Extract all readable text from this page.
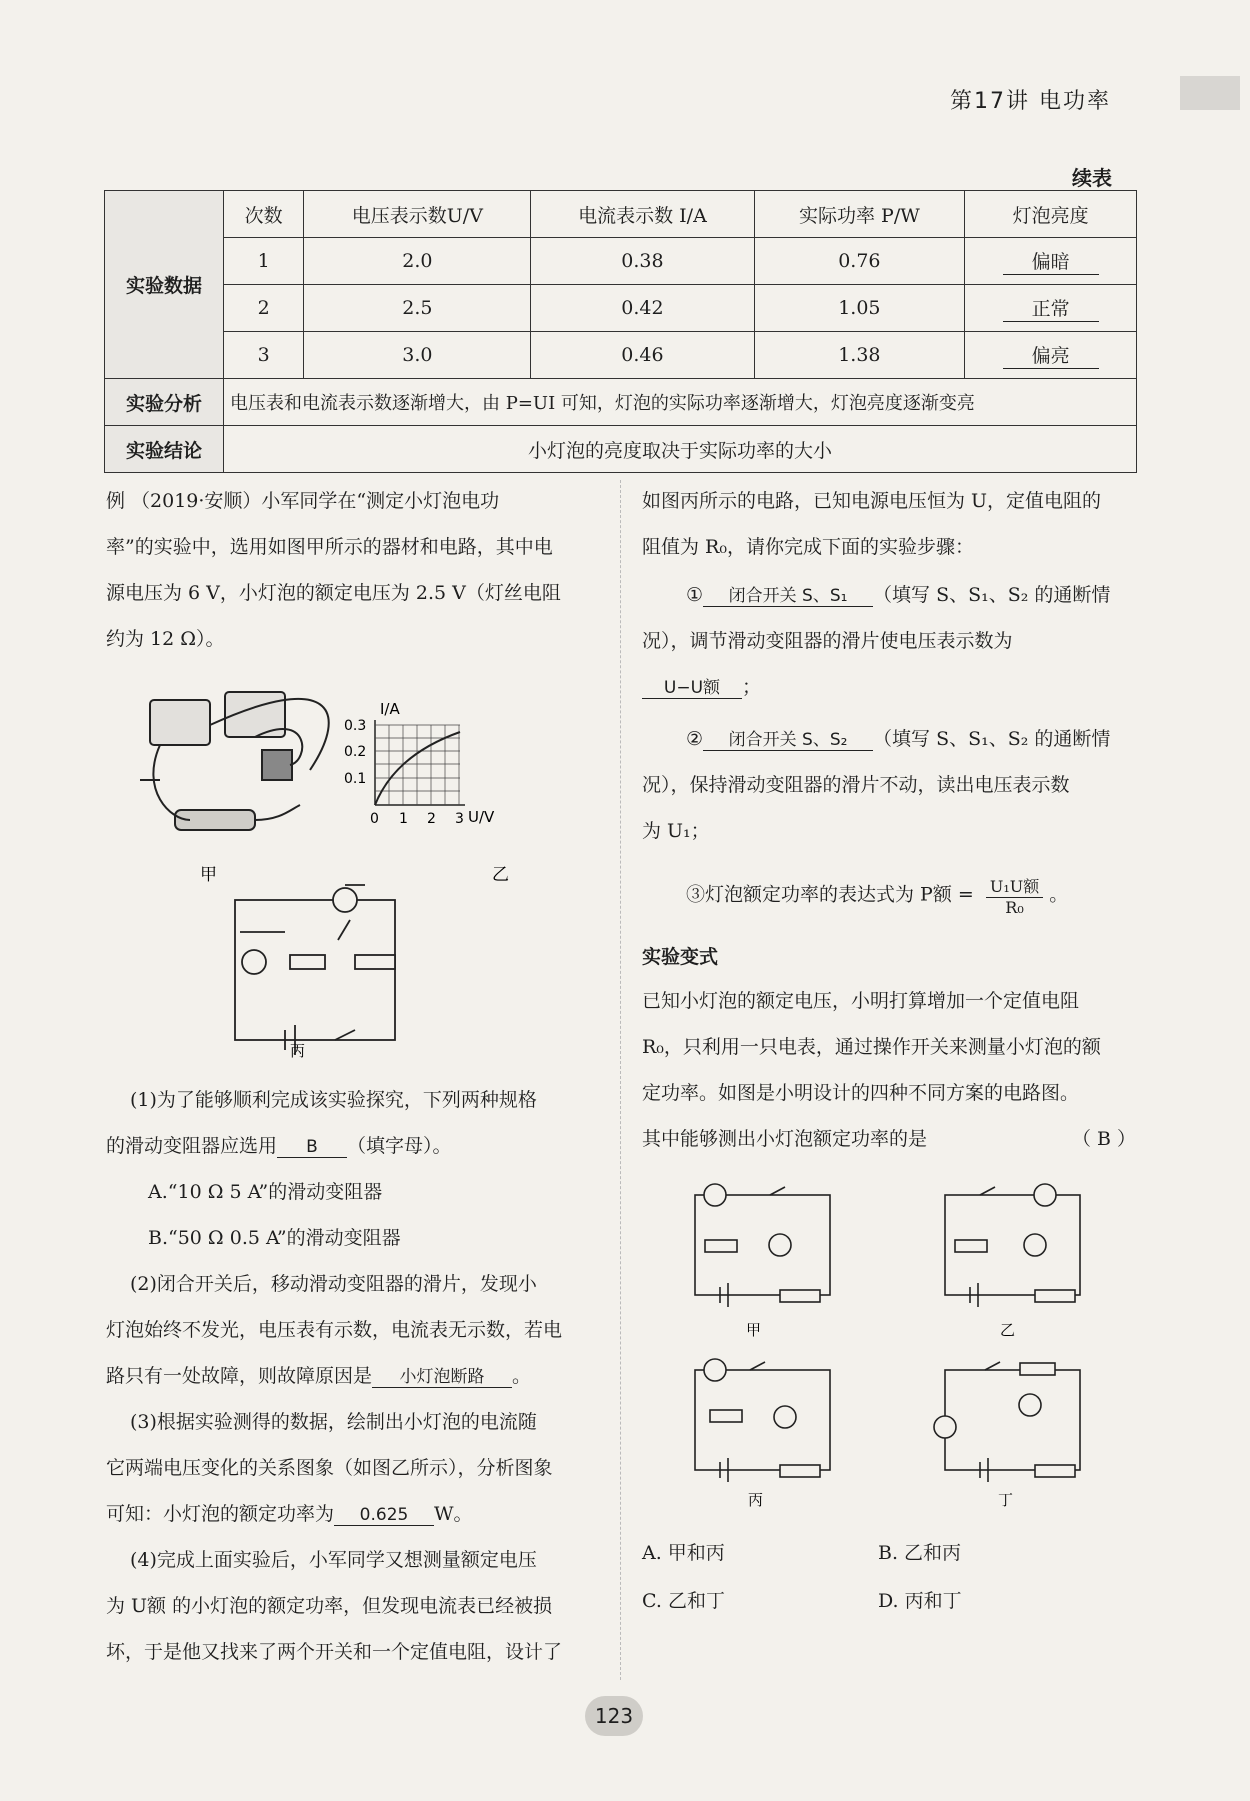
第17讲 电功率
续表
实验数据	次数	电压表示数U/V	电流表示数 I/A	实际功率 P/W	灯泡亮度
	1	2.0	0.38	0.76	偏暗
	2	2.5	0.42	1.05	正常
	3	3.0	0.46	1.38	偏亮
实验分析	电压表和电流表示数逐渐增大，由 P=UI 可知，灯泡的实际功率逐渐增大，灯泡亮度逐渐变亮				
实验结论	小灯泡的亮度取决于实际功率的大小				
例 （2019·安顺）小军同学在“测定小灯泡电功
率”的实验中，选用如图甲所示的器材和电路，其中电
源电压为 6 V，小灯泡的额定电压为 2.5 V（灯丝电阻
约为 12 Ω）。
甲
I/A
U/V
0.3
0.2
0.1
0 1 2 3
乙
丙
(1)为了能够顺利完成该实验探究，下列两种规格
的滑动变阻器应选用 B （填字母）。
A.“10 Ω 5 A”的滑动变阻器
B.“50 Ω 0.5 A”的滑动变阻器
(2)闭合开关后，移动滑动变阻器的滑片，发现小
灯泡始终不发光，电压表有示数，电流表无示数，若电
路只有一处故障，则故障原因是 小灯泡断路 。
(3)根据实验测得的数据，绘制出小灯泡的电流随
它两端电压变化的关系图象（如图乙所示），分析图象
可知：小灯泡的额定功率为 0.625 W。
(4)完成上面实验后，小军同学又想测量额定电压
为 U额 的小灯泡的额定功率，但发现电流表已经被损
坏，于是他又找来了两个开关和一个定值电阻，设计了
如图丙所示的电路，已知电源电压恒为 U，定值电阻的
阻值为 R₀，请你完成下面的实验步骤：
① 闭合开关 S、S₁ （填写 S、S₁、S₂ 的通断情
况），调节滑动变阻器的滑片使电压表示数为
U−U额 ；
② 闭合开关 S、S₂ （填写 S、S₁、S₂ 的通断情
况），保持滑动变阻器的滑片不动，读出电压表示数
为 U₁；
③灯泡额定功率的表达式为 P额 = U₁U额
R₀
。
实验变式
已知小灯泡的额定电压，小明打算增加一个定值电阻
R₀，只利用一只电表，通过操作开关来测量小灯泡的额
定功率。如图是小明设计的四种不同方案的电路图。
其中能够测出小灯泡额定功率的是	（ B ）
甲	乙
丙	丁
A. 甲和丙	B. 乙和丙
C. 乙和丁	D. 丙和丁
123
